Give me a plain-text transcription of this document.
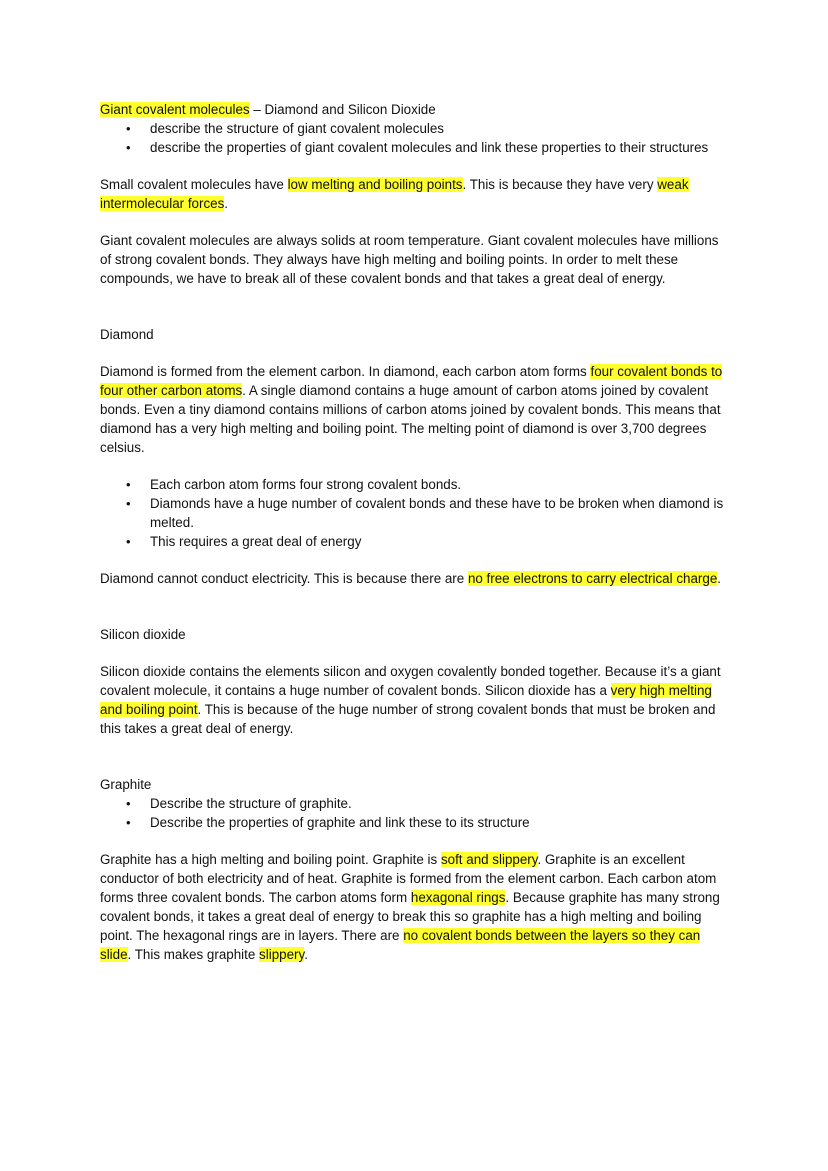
Giant covalent molecules – Diamond and Silicon Dioxide

• describe the structure of giant covalent molecules
• describe the properties of giant covalent molecules and link these properties to their structures

Small covalent molecules have low melting and boiling points. This is because they have very weak intermolecular forces.

Giant covalent molecules are always solids at room temperature. Giant covalent molecules have millions of strong covalent bonds. They always have high melting and boiling points. In order to melt these compounds, we have to break all of these covalent bonds and that takes a great deal of energy.

Diamond

Diamond is formed from the element carbon. In diamond, each carbon atom forms four covalent bonds to four other carbon atoms. A single diamond contains a huge amount of carbon atoms joined by covalent bonds. Even a tiny diamond contains millions of carbon atoms joined by covalent bonds. This means that diamond has a very high melting and boiling point. The melting point of diamond is over 3,700 degrees celsius.

• Each carbon atom forms four strong covalent bonds.
• Diamonds have a huge number of covalent bonds and these have to be broken when diamond is melted.
• This requires a great deal of energy

Diamond cannot conduct electricity. This is because there are no free electrons to carry electrical charge.

Silicon dioxide

Silicon dioxide contains the elements silicon and oxygen covalently bonded together. Because it’s a giant covalent molecule, it contains a huge number of covalent bonds. Silicon dioxide has a very high melting and boiling point. This is because of the huge number of strong covalent bonds that must be broken and this takes a great deal of energy.

Graphite

• Describe the structure of graphite.
• Describe the properties of graphite and link these to its structure

Graphite has a high melting and boiling point. Graphite is soft and slippery. Graphite is an excellent conductor of both electricity and of heat. Graphite is formed from the element carbon. Each carbon atom forms three covalent bonds. The carbon atoms form hexagonal rings. Because graphite has many strong covalent bonds, it takes a great deal of energy to break this so graphite has a high melting and boiling point. The hexagonal rings are in layers. There are no covalent bonds between the layers so they can slide. This makes graphite slippery.
